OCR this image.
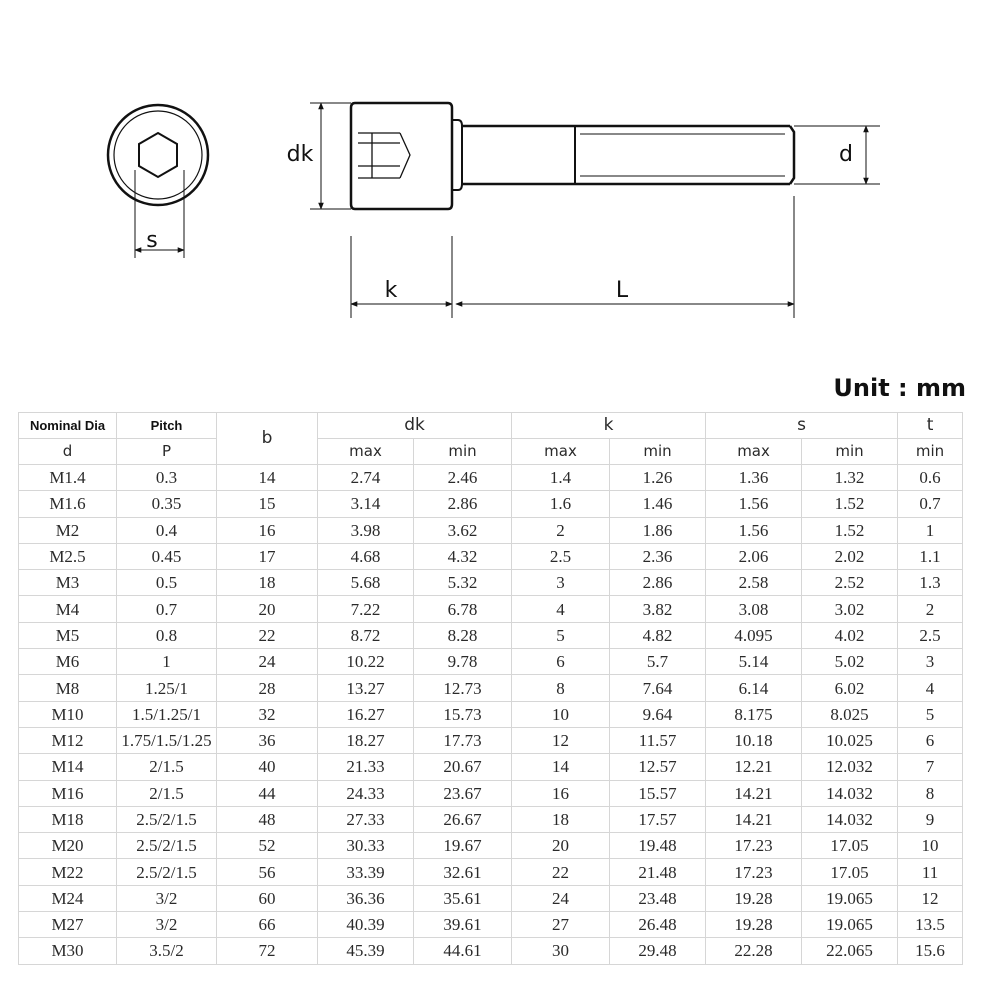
s
dk	d
k	L
Unit : mm
Nominal Dia	Pitch	b	dk		k		s		t
d	P		max	min	max	min	max	min	min
M1.4	0.3	14	2.74	2.46	1.4	1.26	1.36	1.32	0.6
M1.6	0.35	15	3.14	2.86	1.6	1.46	1.56	1.52	0.7
M2	0.4	16	3.98	3.62	2	1.86	1.56	1.52	1
M2.5	0.45	17	4.68	4.32	2.5	2.36	2.06	2.02	1.1
M3	0.5	18	5.68	5.32	3	2.86	2.58	2.52	1.3
M4	0.7	20	7.22	6.78	4	3.82	3.08	3.02	2
M5	0.8	22	8.72	8.28	5	4.82	4.095	4.02	2.5
M6	1	24	10.22	9.78	6	5.7	5.14	5.02	3
M8	1.25/1	28	13.27	12.73	8	7.64	6.14	6.02	4
M10	1.5/1.25/1	32	16.27	15.73	10	9.64	8.175	8.025	5
M12	1.75/1.5/1.25	36	18.27	17.73	12	11.57	10.18	10.025	6
M14	2/1.5	40	21.33	20.67	14	12.57	12.21	12.032	7
M16	2/1.5	44	24.33	23.67	16	15.57	14.21	14.032	8
M18	2.5/2/1.5	48	27.33	26.67	18	17.57	14.21	14.032	9
M20	2.5/2/1.5	52	30.33	19.67	20	19.48	17.23	17.05	10
M22	2.5/2/1.5	56	33.39	32.61	22	21.48	17.23	17.05	11
M24	3/2	60	36.36	35.61	24	23.48	19.28	19.065	12
M27	3/2	66	40.39	39.61	27	26.48	19.28	19.065	13.5
M30	3.5/2	72	45.39	44.61	30	29.48	22.28	22.065	15.6
